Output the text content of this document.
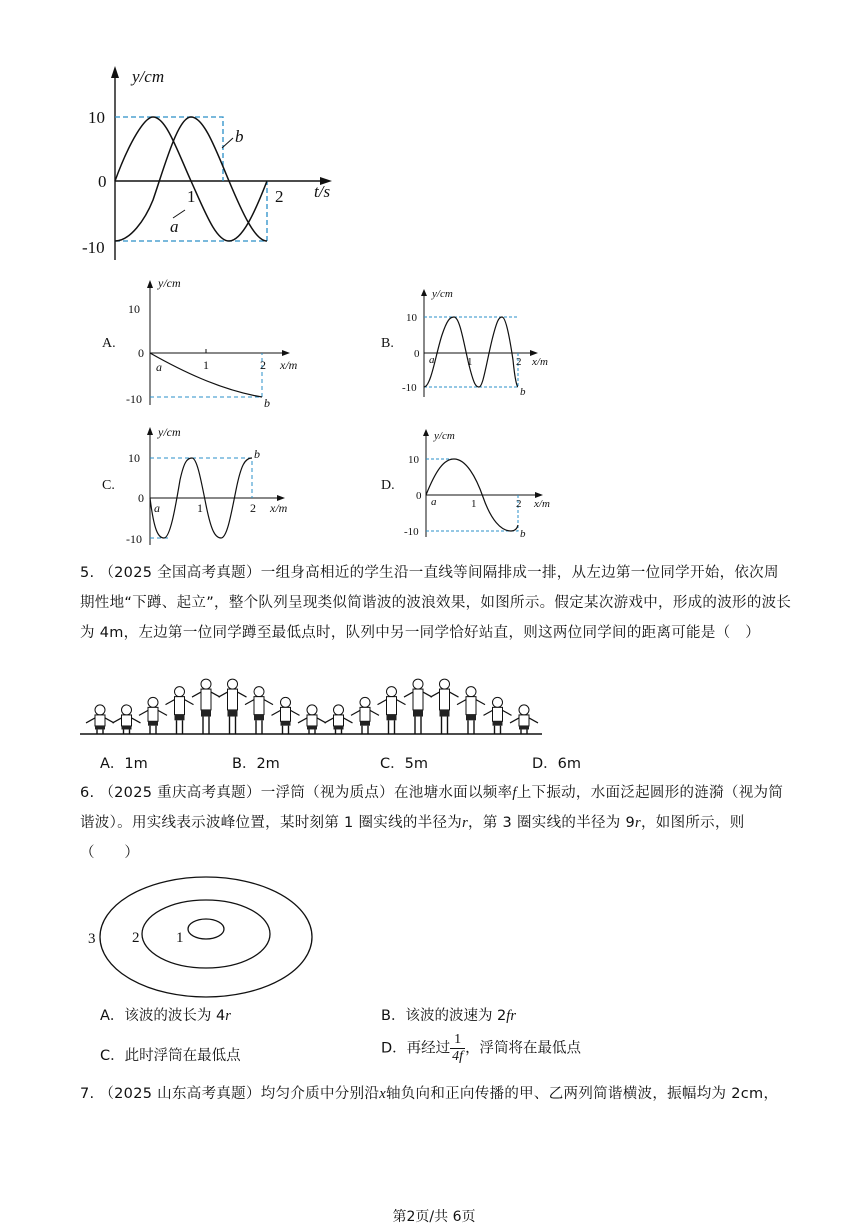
y/cm
t/s
10
0
-10
1	2
a
b
A.
y/cm
10
0
-10
1	2 x/m
a
b
B.
y/cm
10
0
-10
1	2 x/m
a
b
C.
y/cm
10
0
-10
1	2 x/m
a
b
D.
y/cm
10
0
-10
1	2 x/m
a
b
5. （2025 全国高考真题）一组身高相近的学生沿一直线等间隔排成一排，从左边第一位同学开始，依次周期性地“下蹲、起立”，整个队列呈现类似简谐波的波浪效果，如图所示。假定某次游戏中，形成的波形的波长为 4m，左边第一位同学蹲至最低点时，队列中另一同学恰好站直，则这两位同学间的距离可能是（　）
A．1m	B．2m	C．5m	D．6m
6. （2025 重庆高考真题）一浮筒（视为质点）在池塘水面以频率f上下振动，水面泛起圆形的涟漪（视为简谐波）。用实线表示波峰位置，某时刻第 1 圈实线的半径为r，第 3 圈实线的半径为 9r，如图所示，则
（　　）
3 2 1
A．该波的波长为 4r	B．该波的波速为 2fr
C．此时浮筒在最低点	D．再经过 $\frac{1}{4f}$ ，浮筒将在最低点
7. （2025 山东高考真题）均匀介质中分别沿x轴负向和正向传播的甲、乙两列简谐横波，振幅均为 2cm，
第2页/共 6页
